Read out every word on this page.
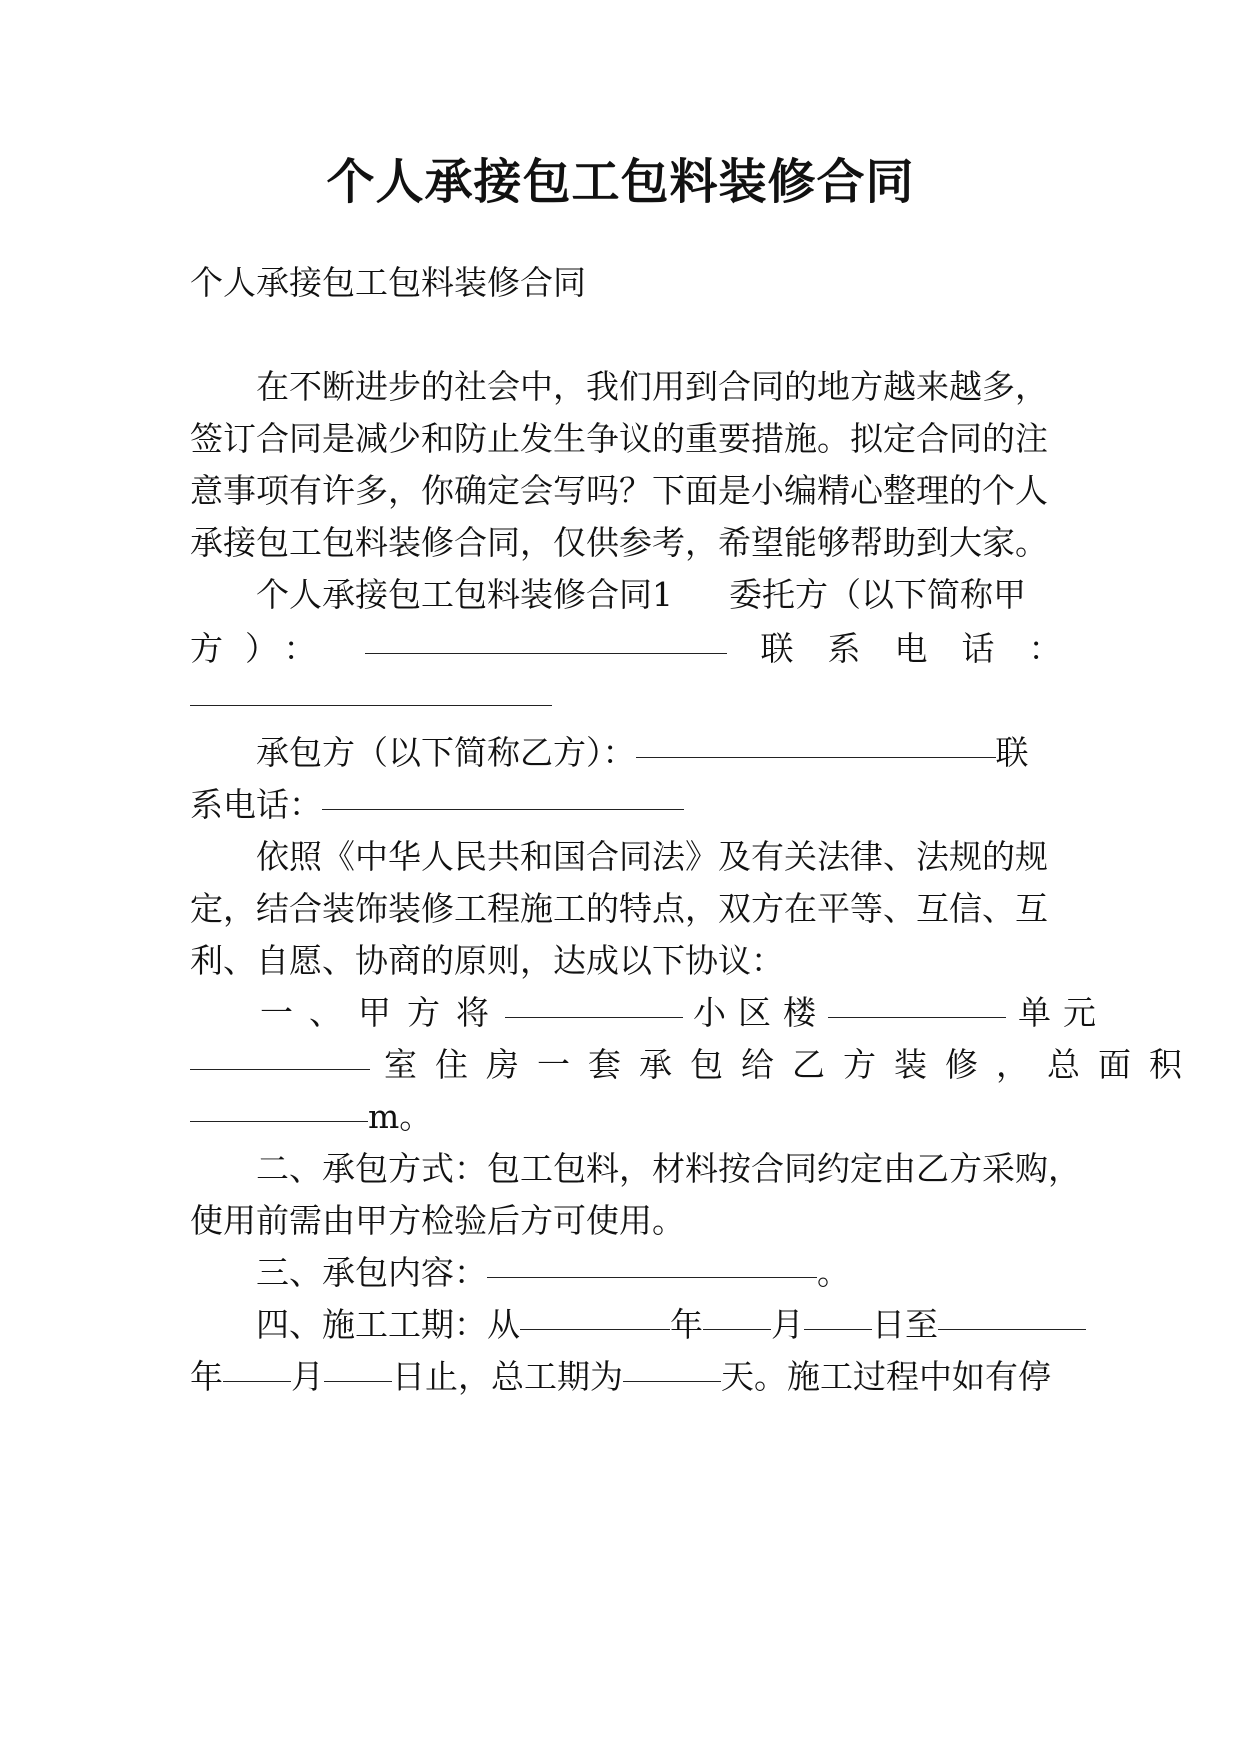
个人承接包工包料装修合同
个人承接包工包料装修合同
在不断进步的社会中，我们用到合同的地方越来越多，
签订合同是减少和防止发生争议的重要措施。拟定合同的注
意事项有许多，你确定会写吗？下面是小编精心整理的个人
承接包工包料装修合同，仅供参考，希望能够帮助到大家。
个人承接包工包料装修合同1 委托方（以下简称甲
方）：	联系电话：
承包方（以下简称乙方）：	联
系电话：
依照《中华人民共和国合同法》及有关法律、法规的规
定，结合装饰装修工程施工的特点，双方在平等、互信、互
利、自愿、协商的原则，达成以下协议：
一、甲方将	小区楼	单元
室住房一套承包给乙方装修，总面积
m。
二、承包方式：包工包料，材料按合同约定由乙方采购，
使用前需由甲方检验后方可使用。
三、承包内容：	。
四、施工工期：从	年 月 日至
年 月 日止，总工期为	天。施工过程中如有停
